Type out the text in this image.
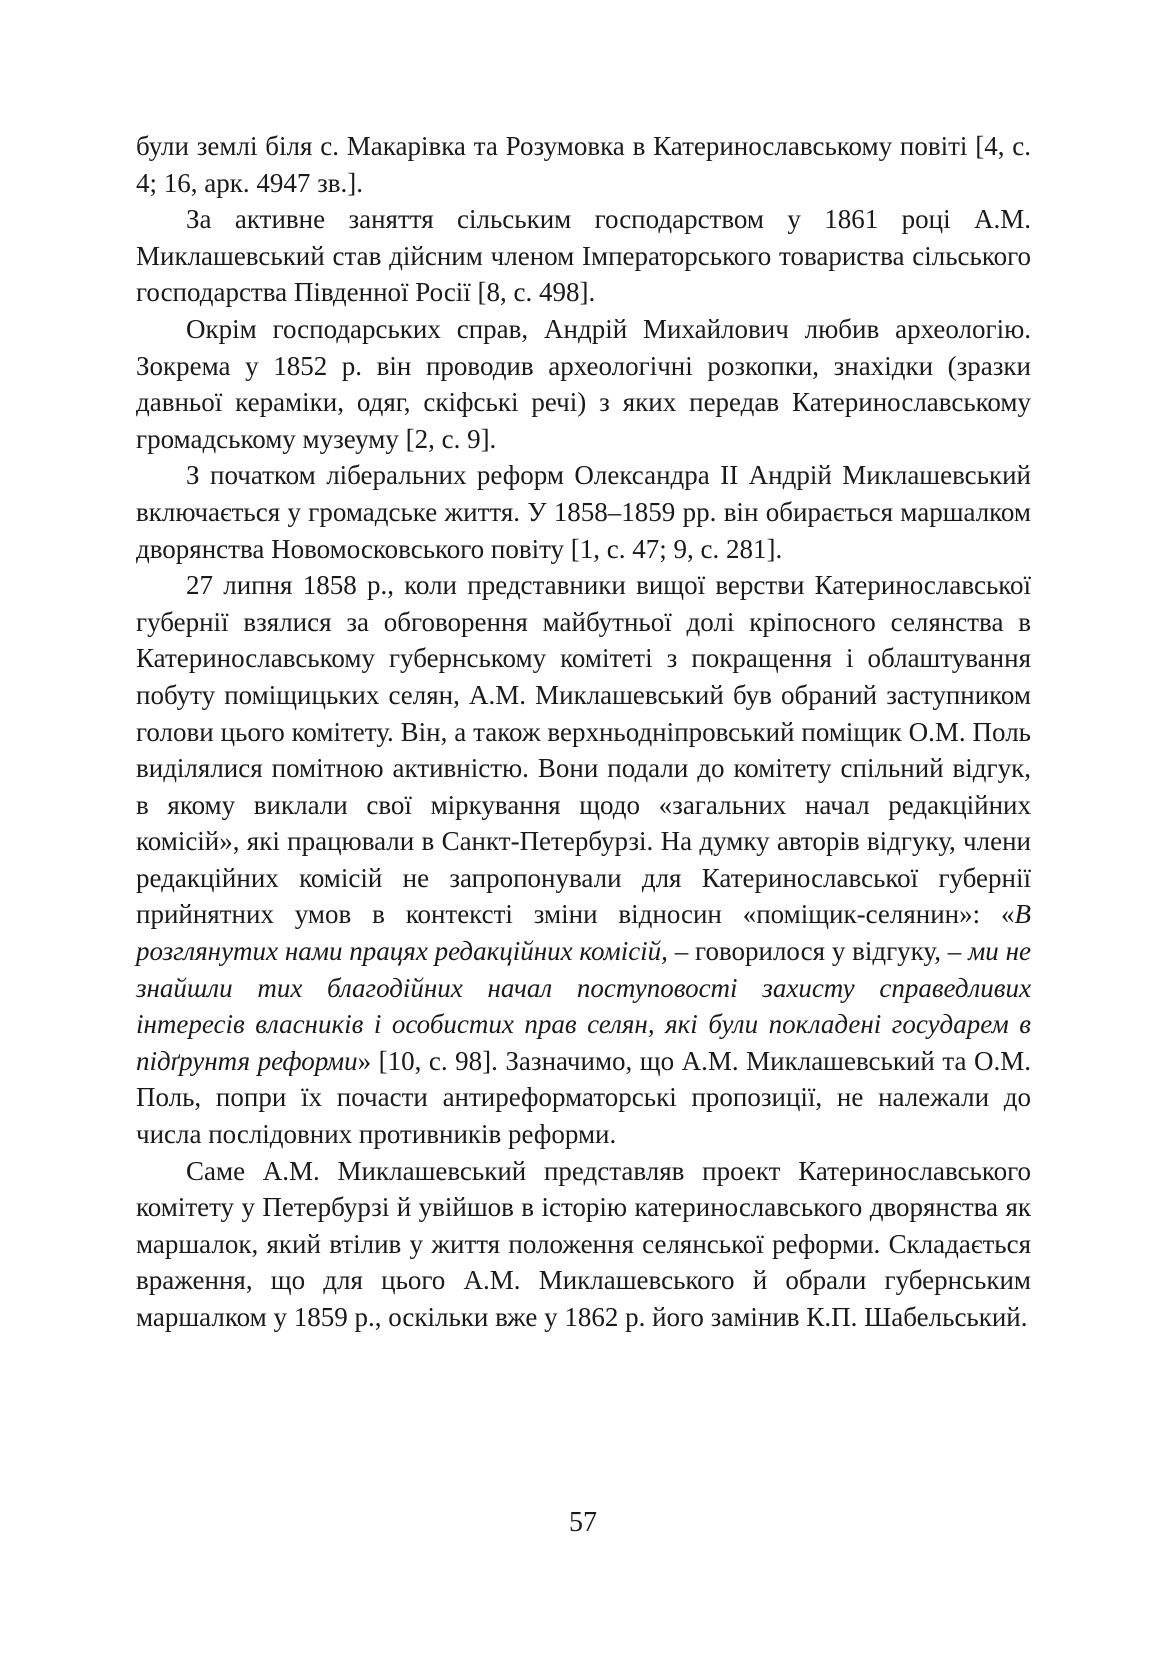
були землі біля с. Макарівка та Розумовка в Катеринославському повіті [4, с. 4; 16, арк. 4947 зв.].

За активне заняття сільським господарством у 1861 році А.М. Миклашевський став дійсним членом Імператорського товариства сільського господарства Південної Росії [8, с. 498].

Окрім господарських справ, Андрій Михайлович любив археологію. Зокрема у 1852 р. він проводив археологічні розкопки, знахідки (зразки давньої кераміки, одяг, скіфські речі) з яких передав Катеринославському громадському музеуму [2, с. 9].

З початком ліберальних реформ Олександра ІІ Андрій Миклашевський включається у громадське життя. У 1858–1859 рр. він обирається маршалком дворянства Новомосковського повіту [1, с. 47; 9, с. 281].

27 липня 1858 р., коли представники вищої верстви Катеринославської губернії взялися за обговорення майбутньої долі кріпосного селянства в Катеринославському губернському комітеті з покращення і облаштування побуту поміщицьких селян, А.М. Миклашевський був обраний заступником голови цього комітету. Він, а також верхньодніпровський поміщик О.М. Поль виділялися помітною активністю. Вони подали до комітету спільний відгук, в якому виклали свої міркування щодо «загальних начал редакційних комісій», які працювали в Санкт-Петербурзі. На думку авторів відгуку, члени редакційних комісій не запропонували для Катеринославської губернії прийнятних умов в контексті зміни відносин «поміщик-селянин»: «В розглянутих нами працях редакційних комісій, – говорилося у відгуку, – ми не знайшли тих благодійних начал поступовості захисту справедливих інтересів власників і особистих прав селян, які були покладені государем в підґрунтя реформи» [10, с. 98]. Зазначимо, що А.М. Миклашевський та О.М. Поль, попри їх почасти антиреформаторські пропозиції, не належали до числа послідовних противників реформи.

Саме А.М. Миклашевський представляв проект Катеринославського комітету у Петербурзі й увійшов в історію катеринославського дворянства як маршалок, який втілив у життя положення селянської реформи. Складається враження, що для цього А.М. Миклашевського й обрали губернським маршалком у 1859 р., оскільки вже у 1862 р. його замінив К.П. Шабельський.

57
